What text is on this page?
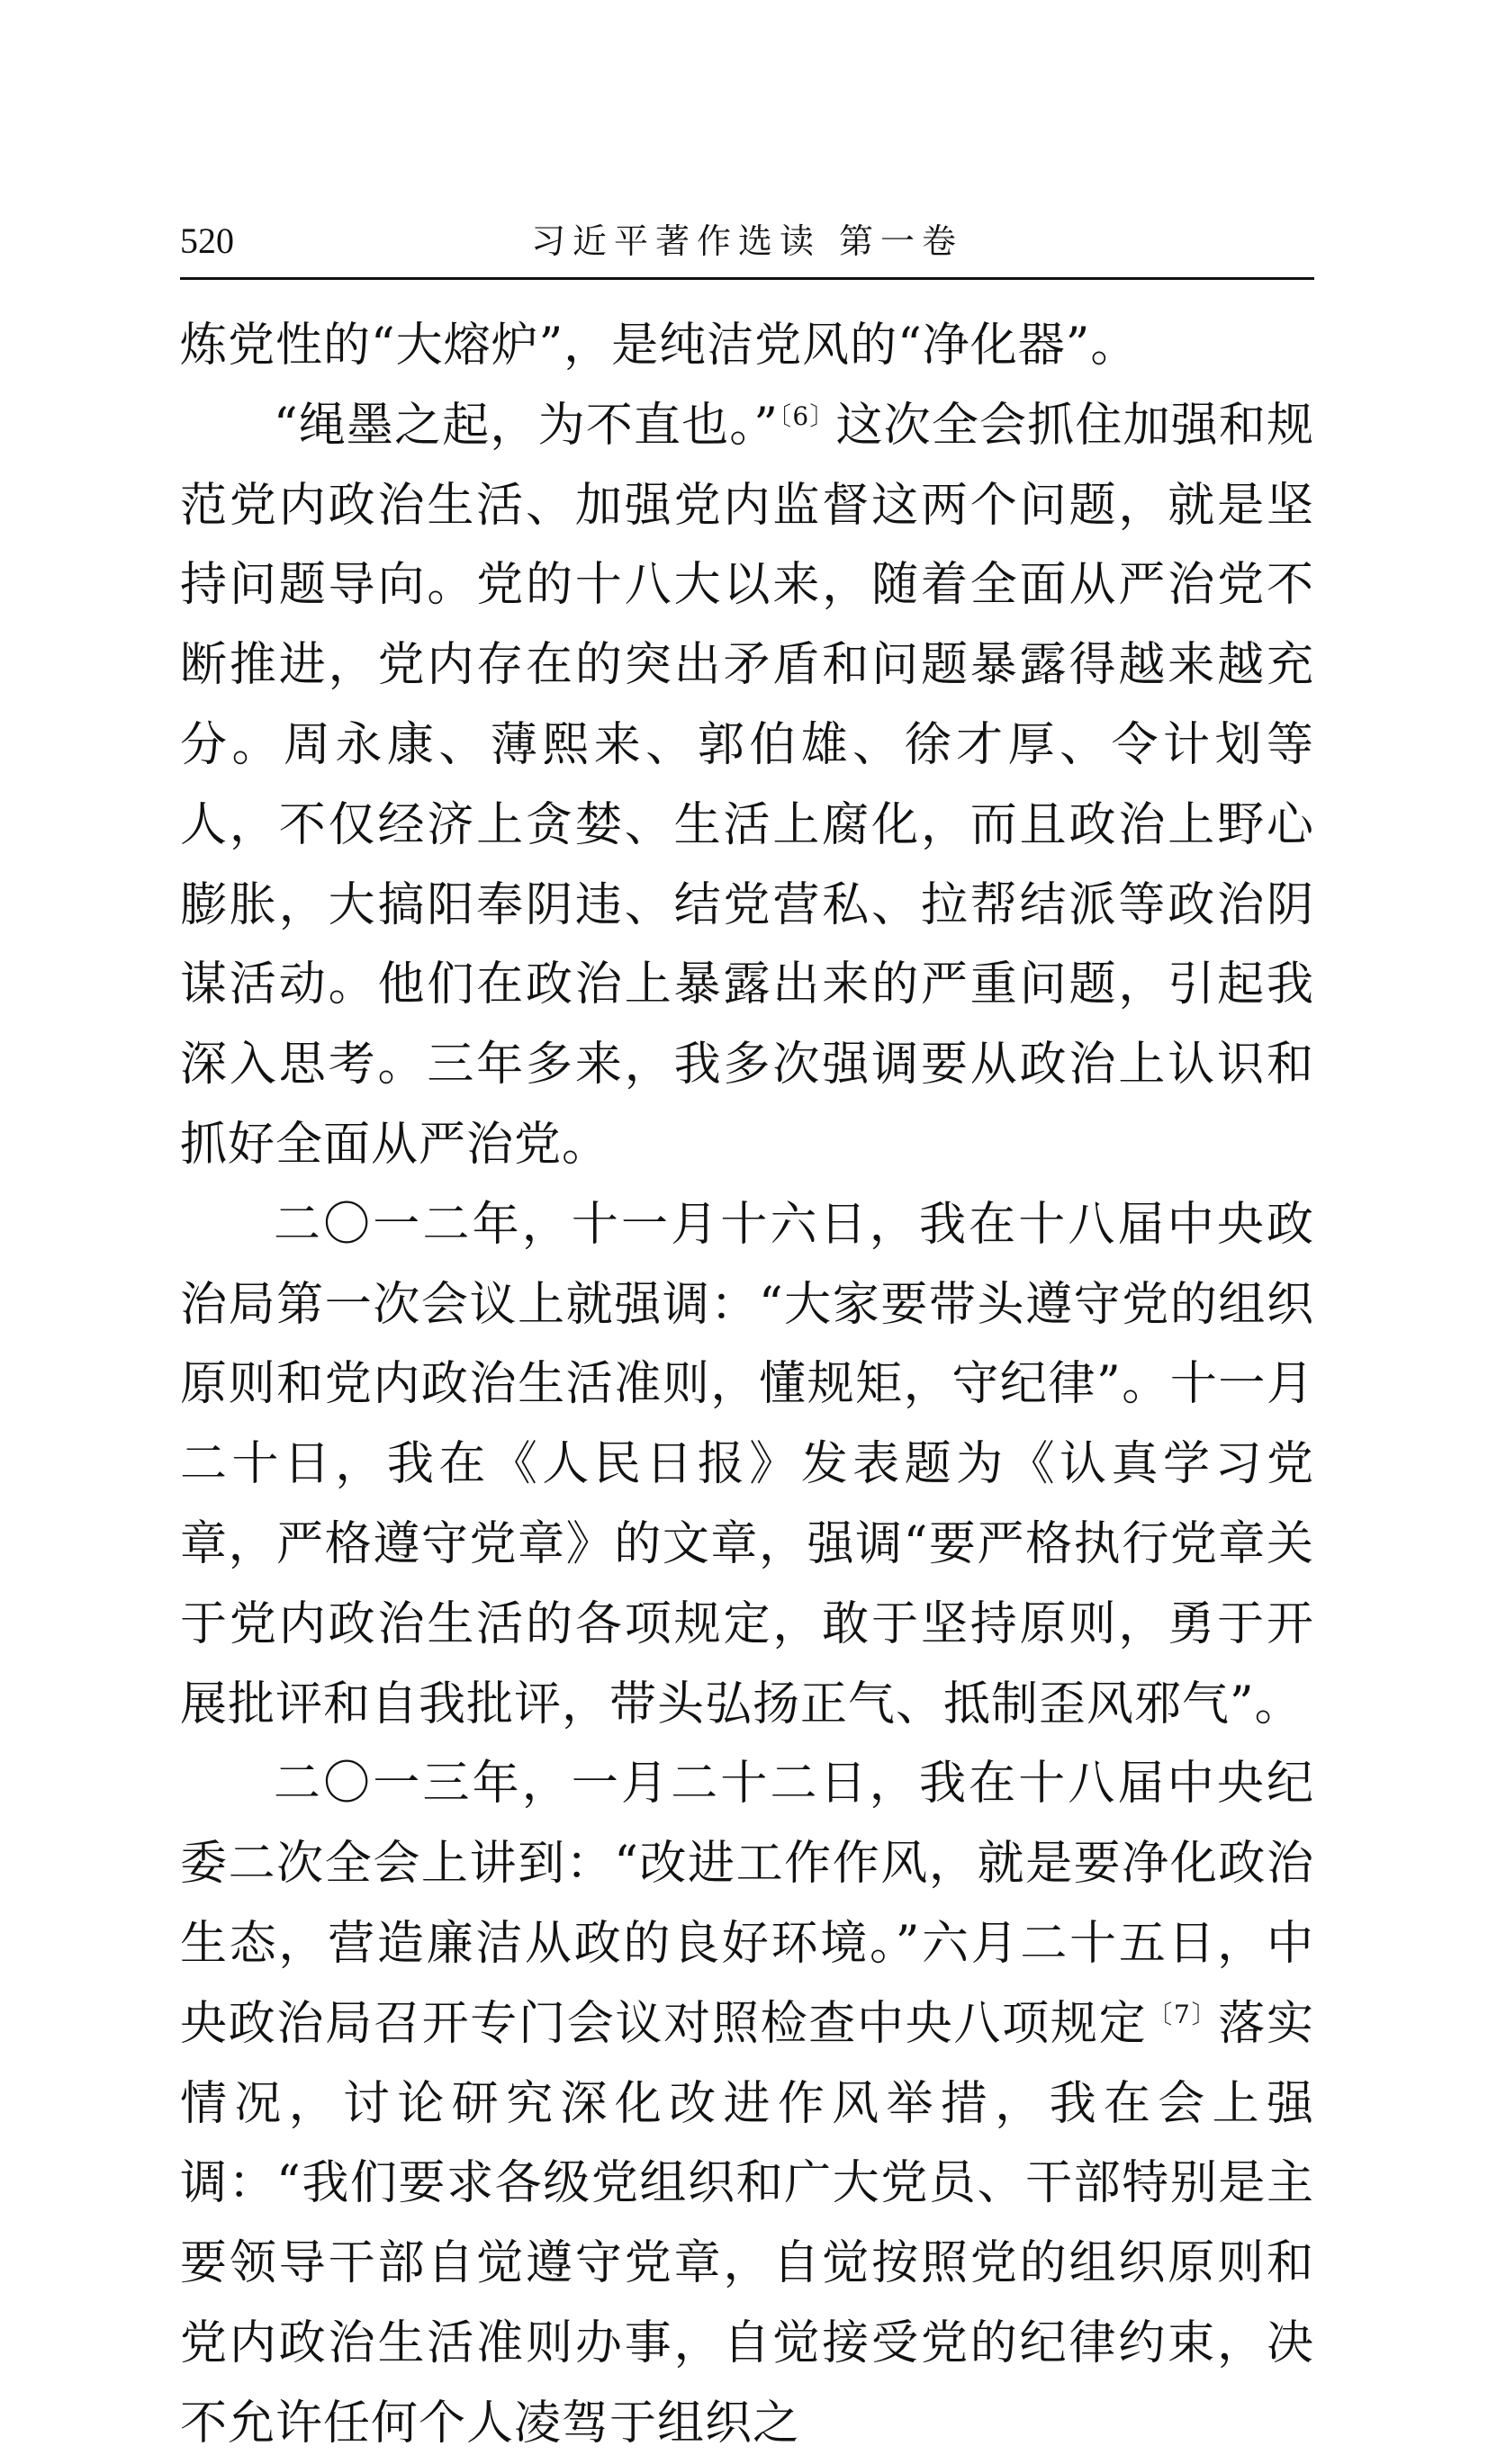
520	习近平著作选读 第一卷

炼党性的“大熔炉”，是纯洁党风的“净化器”。

“绳墨之起，为不直也。”$^{〔6〕}$这次全会抓住加强和规范党内政治生活、加强党内监督这两个问题，就是坚持问题导向。党的十八大以来，随着全面从严治党不断推进，党内存在的突出矛盾和问题暴露得越来越充分。周永康、薄熙来、郭伯雄、徐才厚、令计划等人，不仅经济上贪婪、生活上腐化，而且政治上野心膨胀，大搞阳奉阴违、结党营私、拉帮结派等政治阴谋活动。他们在政治上暴露出来的严重问题，引起我深入思考。三年多来，我多次强调要从政治上认识和抓好全面从严治党。

二〇一二年，十一月十六日，我在十八届中央政治局第一次会议上就强调：“大家要带头遵守党的组织原则和党内政治生活准则，懂规矩，守纪律”。十一月二十日，我在《人民日报》发表题为《认真学习党章，严格遵守党章》的文章，强调“要严格执行党章关于党内政治生活的各项规定，敢于坚持原则，勇于开展批评和自我批评，带头弘扬正气、抵制歪风邪气”。

二〇一三年，一月二十二日，我在十八届中央纪委二次全会上讲到：“改进工作作风，就是要净化政治生态，营造廉洁从政的良好环境。”六月二十五日，中央政治局召开专门会议对照检查中央八项规定$^{〔7〕}$落实情况，讨论研究深化改进作风举措，我在会上强调：“我们要求各级党组织和广大党员、干部特别是主要领导干部自觉遵守党章，自觉按照党的组织原则和党内政治生活准则办事，自觉接受党的纪律约束，决不允许任何个人凌驾于组织之
